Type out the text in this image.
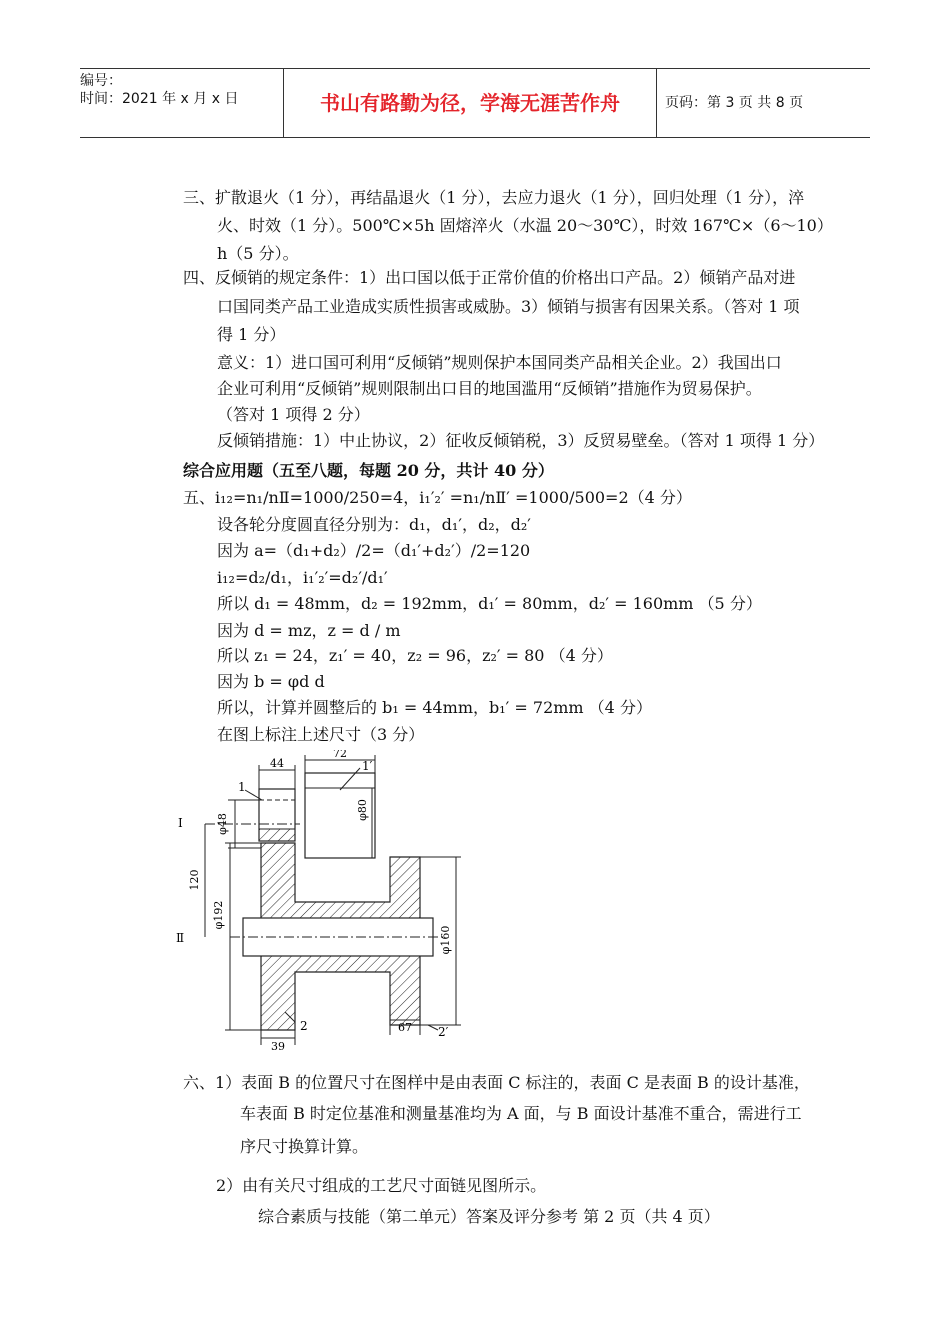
编号：
时间：2021 年 x 月 x 日	书山有路勤为径，学海无涯苦作舟	页码：第 3 页 共 8 页
三、扩散退火（1 分），再结晶退火（1 分），去应力退火（1 分），回归处理（1 分），淬
火、时效（1 分）。500℃×5h 固熔淬火（水温 20～30℃），时效 167℃×（6～10）
h（5 分）。
四、反倾销的规定条件：1）出口国以低于正常价值的价格出口产品。2）倾销产品对进
口国同类产品工业造成实质性损害或威胁。3）倾销与损害有因果关系。（答对 1 项
得 1 分）
意义：1）进口国可利用“反倾销”规则保护本国同类产品相关企业。2）我国出口
企业可利用“反倾销”规则限制出口目的地国滥用“反倾销”措施作为贸易保护。
（答对 1 项得 2 分）
反倾销措施：1）中止协议，2）征收反倾销税，3）反贸易壁垒。（答对 1 项得 1 分）
综合应用题（五至八题，每题 20 分，共计 40 分）
五、i₁₂=n₁/nⅡ=1000/250=4，i₁′₂′ =n₁/nⅡ′ =1000/500=2（4 分）
设各轮分度圆直径分别为：d₁，d₁′，d₂，d₂′
因为 a=（d₁+d₂）/2=（d₁′+d₂′）/2=120
i₁₂=d₂/d₁，i₁′₂′=d₂′/d₁′
所以 d₁ = 48mm，d₂ = 192mm，d₁′ = 80mm，d₂′ = 160mm （5 分）
因为 d = mz，z = d / m
所以 z₁ = 24，z₁′ = 40，z₂ = 96，z₂′ = 80 （4 分）
因为 b = φd d
所以，计算并圆整后的 b₁ = 44mm，b₁′ = 72mm （4 分）
在图上标注上述尺寸（3 分）
44
72
φ80
φ48
120
φ192
φ160
67
39
1
1′
2	2′
I
Ⅱ
六、1）表面 B 的位置尺寸在图样中是由表面 C 标注的，表面 C 是表面 B 的设计基准，
车表面 B 时定位基准和测量基准均为 A 面，与 B 面设计基准不重合，需进行工
序尺寸换算计算。
2）由有关尺寸组成的工艺尺寸面链见图所示。
综合素质与技能（第二单元）答案及评分参考 第 2 页（共 4 页）
